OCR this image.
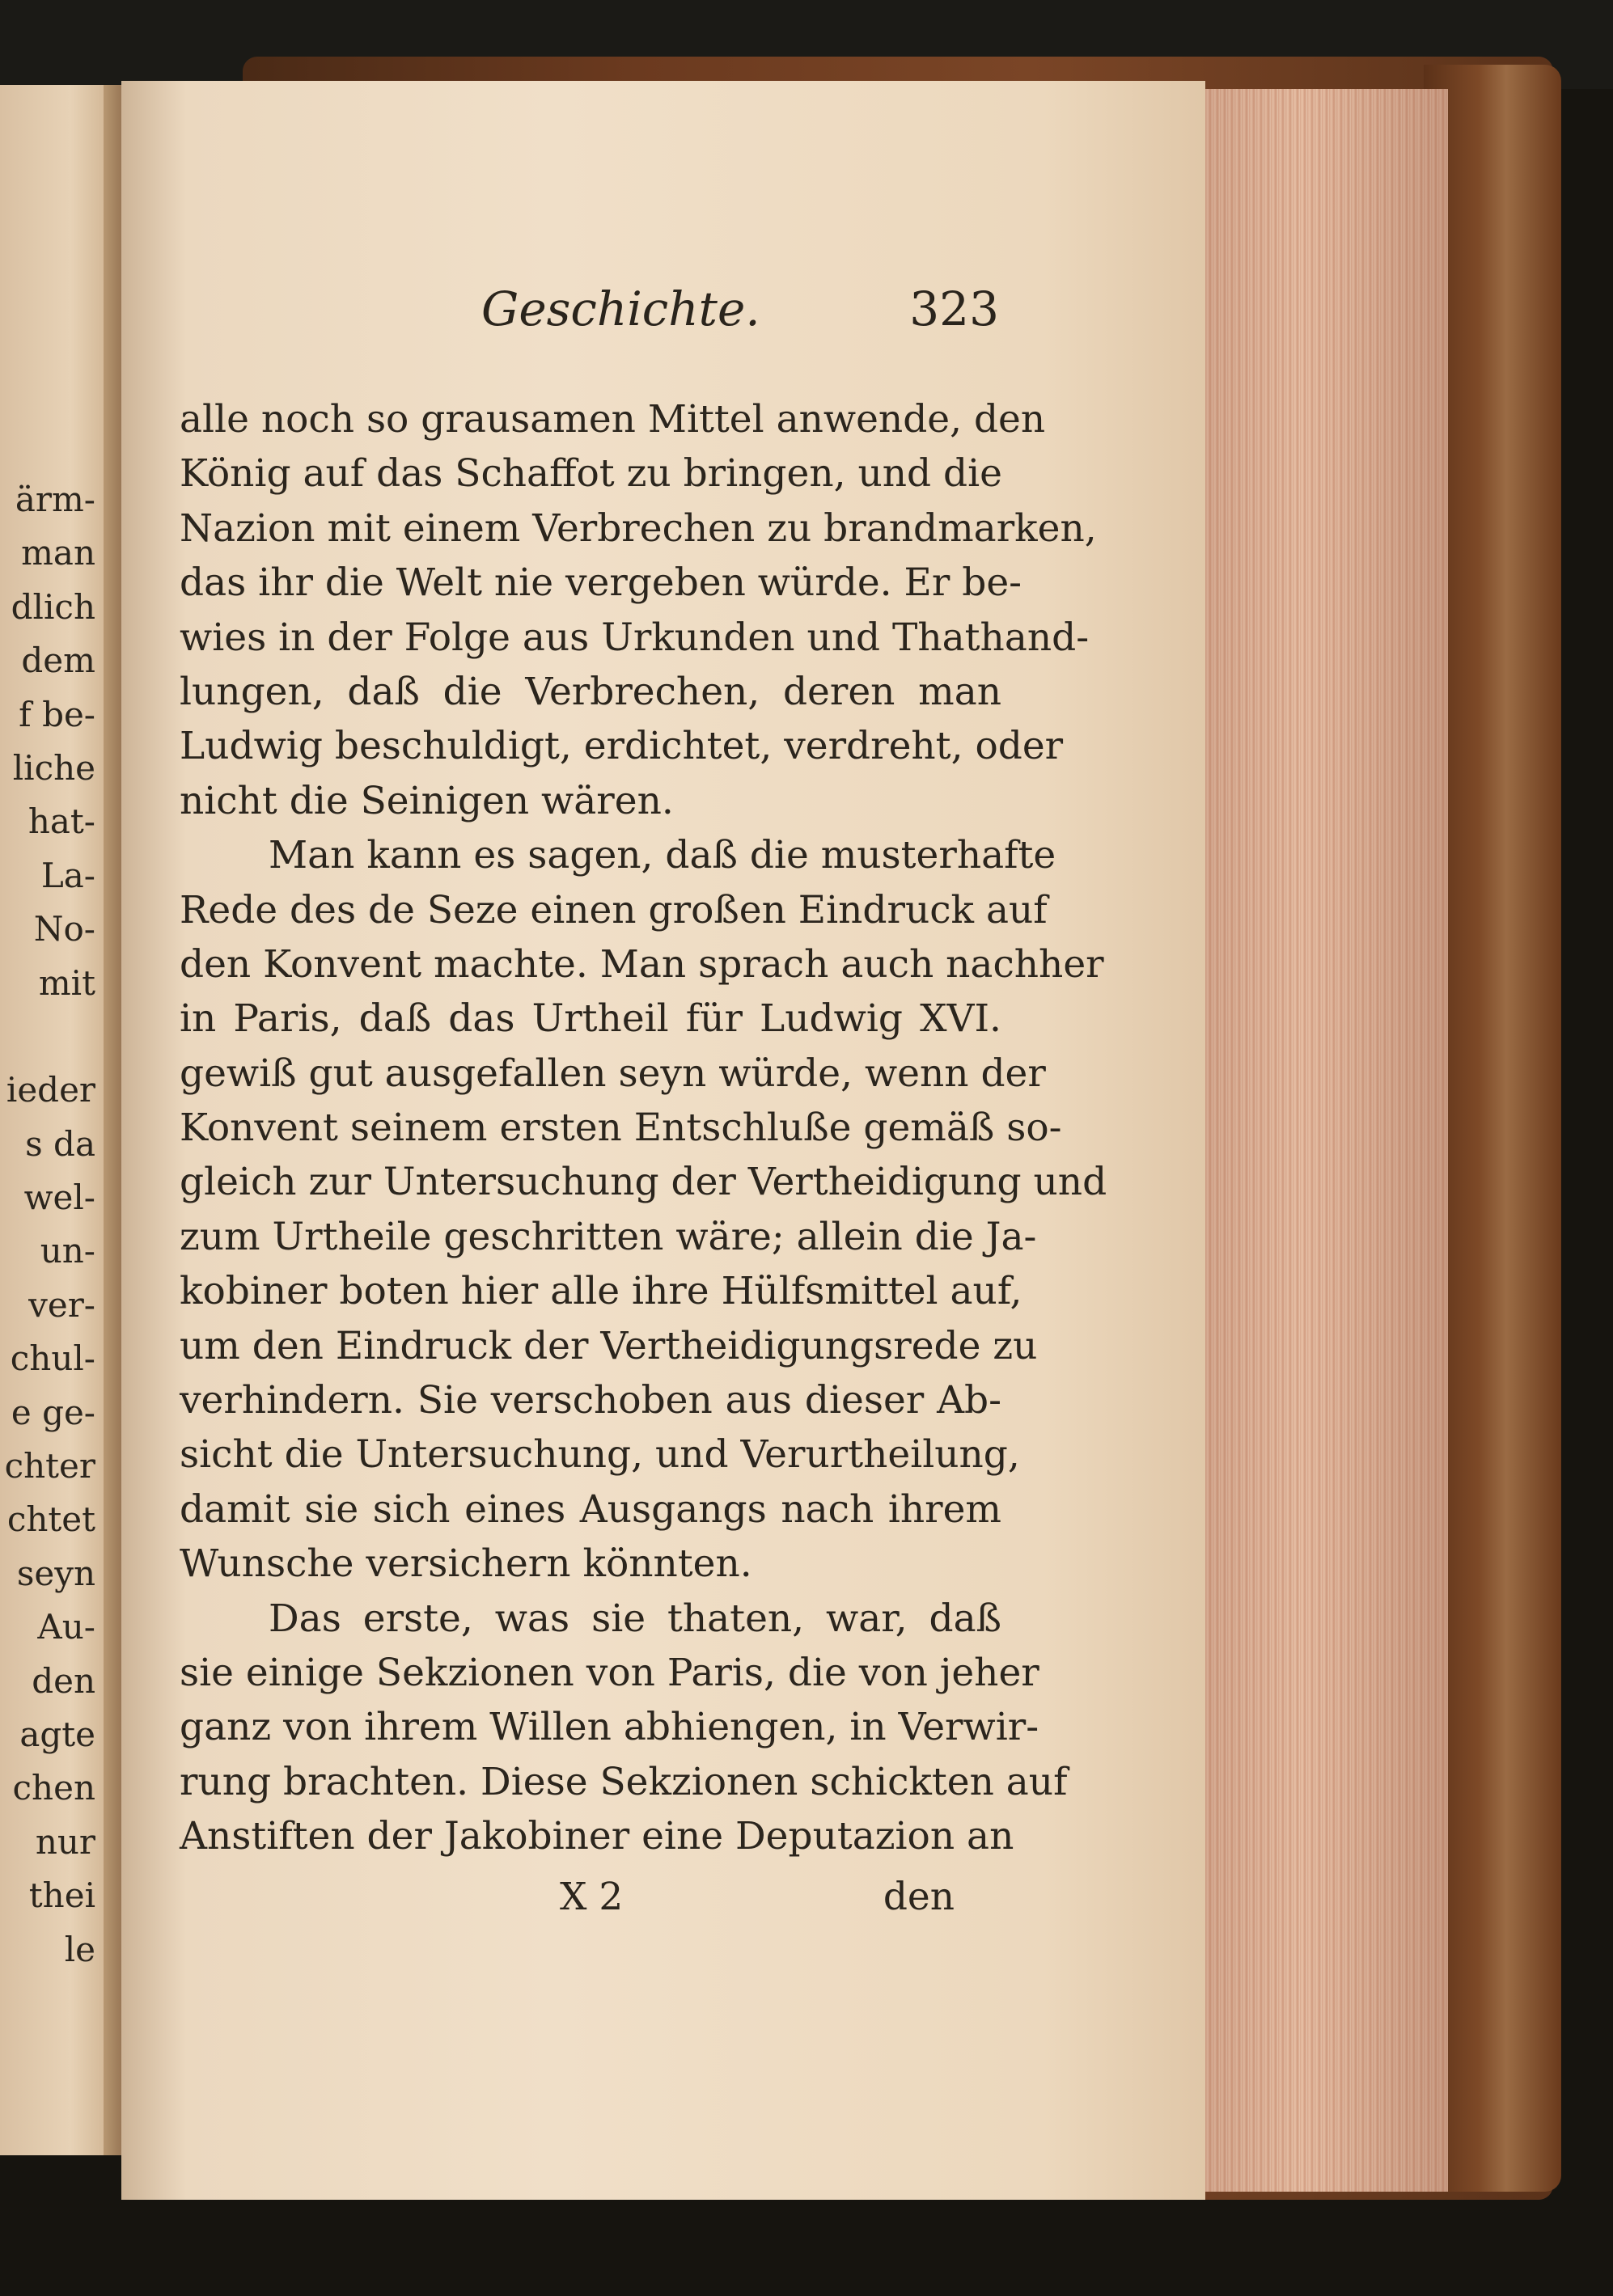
ärm-
man
dlich
dem
f be-
liche
hat-
La-
No-
mit
ieder
s da
wel-
un-
ver-
chul-
e ge-
chter
chtet
seyn
Au-
den
agte
chen
nur
thei
le
Geschichte.	323
alle noch so grausamen Mittel anwende, den
König auf das Schaffot zu bringen, und die
Nazion mit einem Verbrechen zu brandmarken,
das ihr die Welt nie vergeben würde. Er be-
wies in der Folge aus Urkunden und Thathand-
lungen, daß die Verbrechen, deren man
Ludwig beschuldigt, erdichtet, verdreht, oder
nicht die Seinigen wären.
Man kann es sagen, daß die musterhafte
Rede des de Seze einen großen Eindruck auf
den Konvent machte. Man sprach auch nachher
in Paris, daß das Urtheil für Ludwig XVI.
gewiß gut ausgefallen seyn würde, wenn der
Konvent seinem ersten Entschluße gemäß so-
gleich zur Untersuchung der Vertheidigung und
zum Urtheile geschritten wäre; allein die Ja-
kobiner boten hier alle ihre Hülfsmittel auf,
um den Eindruck der Vertheidigungsrede zu
verhindern. Sie verschoben aus dieser Ab-
sicht die Untersuchung, und Verurtheilung,
damit sie sich eines Ausgangs nach ihrem
Wunsche versichern könnten.
Das erste, was sie thaten, war, daß
sie einige Sekzionen von Paris, die von jeher
ganz von ihrem Willen abhiengen, in Verwir-
rung brachten. Diese Sekzionen schickten auf
Anstiften der Jakobiner eine Deputazion an
X 2	den
